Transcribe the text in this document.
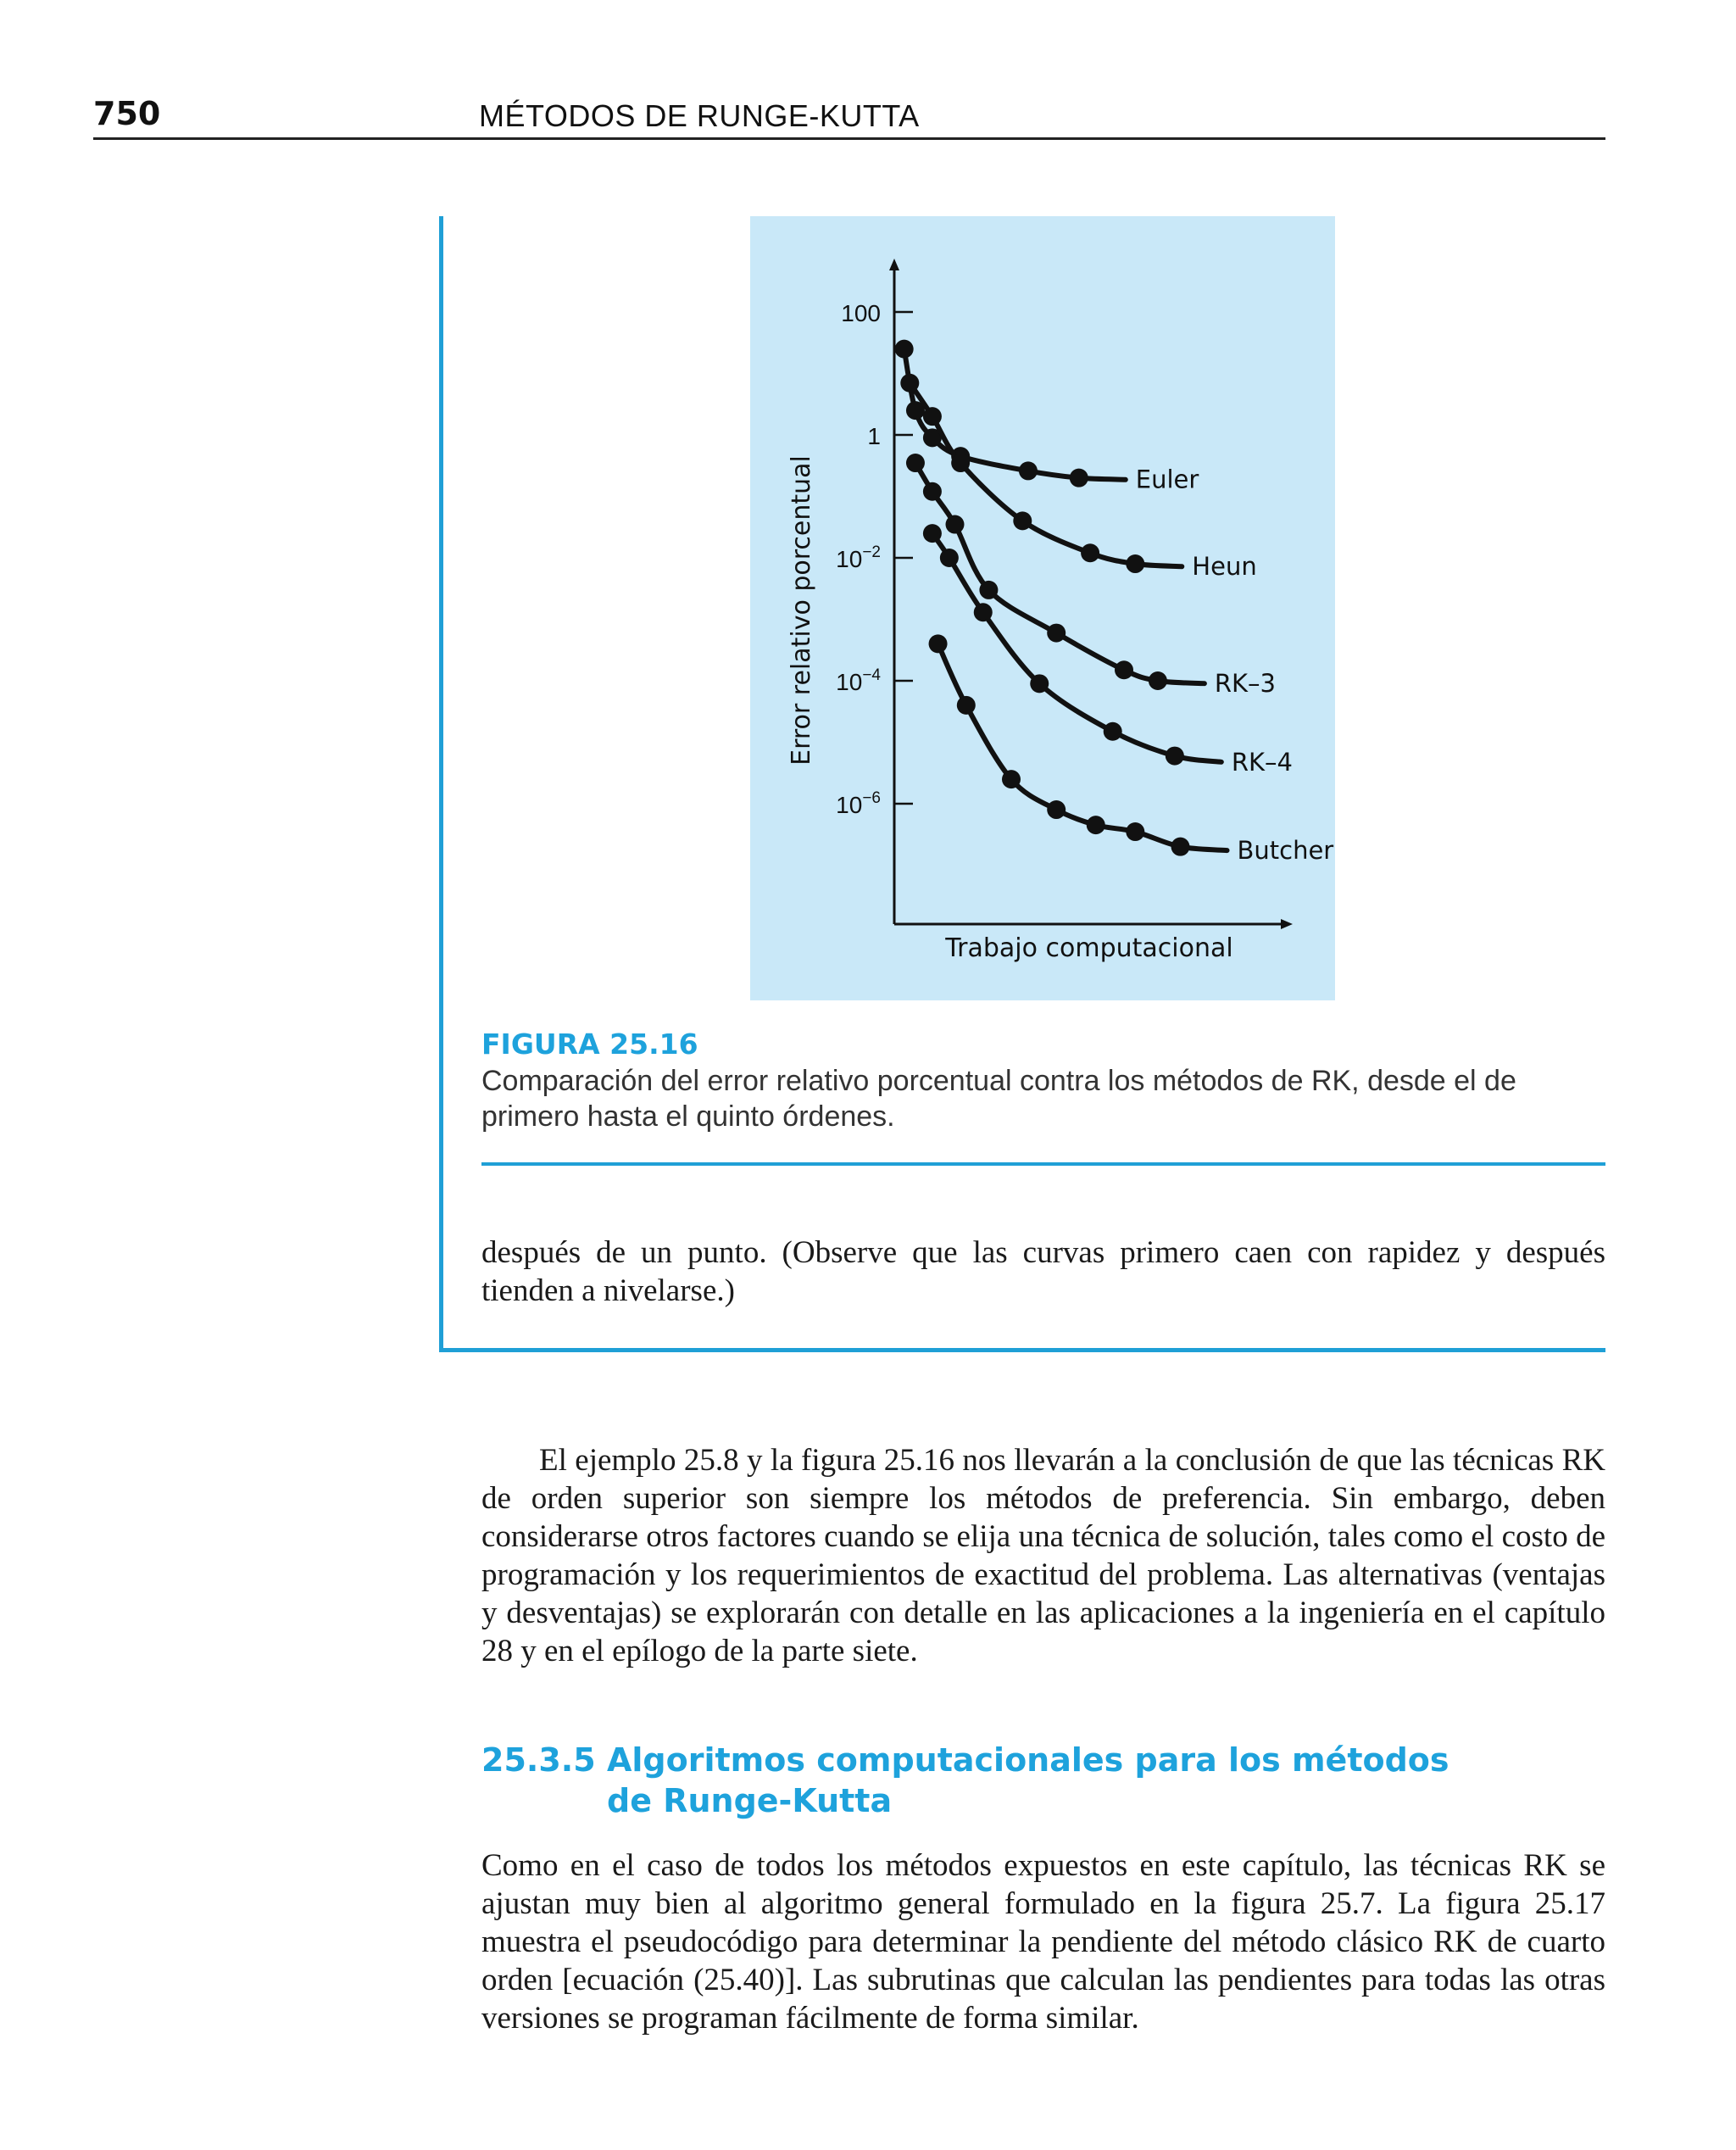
750	MÉTODOS DE RUNGE-KUTTA
100
1
$10^{-2}$
$10^{-4}$
$10^{-6}$
Trabajo computacional
Error relativo porcentual	Euler
Heun
RK–3
RK–4
Butcher
FIGURA 25.16
Comparación del error relativo porcentual contra los métodos de RK, desde el de primero hasta el quinto órdenes.
después de un punto. (Observe que las curvas primero caen con rapidez y después tienden a nivelarse.)
El ejemplo 25.8 y la figura 25.16 nos llevarán a la conclusión de que las técnicas RK de orden superior son siempre los métodos de preferencia. Sin embargo, deben considerarse otros factores cuando se elija una técnica de solución, tales como el costo de programación y los requerimientos de exactitud del problema. Las alternativas (ventajas y desventajas) se explorarán con detalle en las aplicaciones a la ingeniería en el capítulo 28 y en el epílogo de la parte siete.
25.3.5 Algoritmos computacionales para los métodos
de Runge-Kutta
Como en el caso de todos los métodos expuestos en este capítulo, las técnicas RK se ajustan muy bien al algoritmo general formulado en la figura 25.7. La figura 25.17 muestra el pseudocódigo para determinar la pendiente del método clásico RK de cuarto orden [ecuación (25.40)]. Las subrutinas que calculan las pendientes para todas las otras versiones se programan fácilmente de forma similar.
